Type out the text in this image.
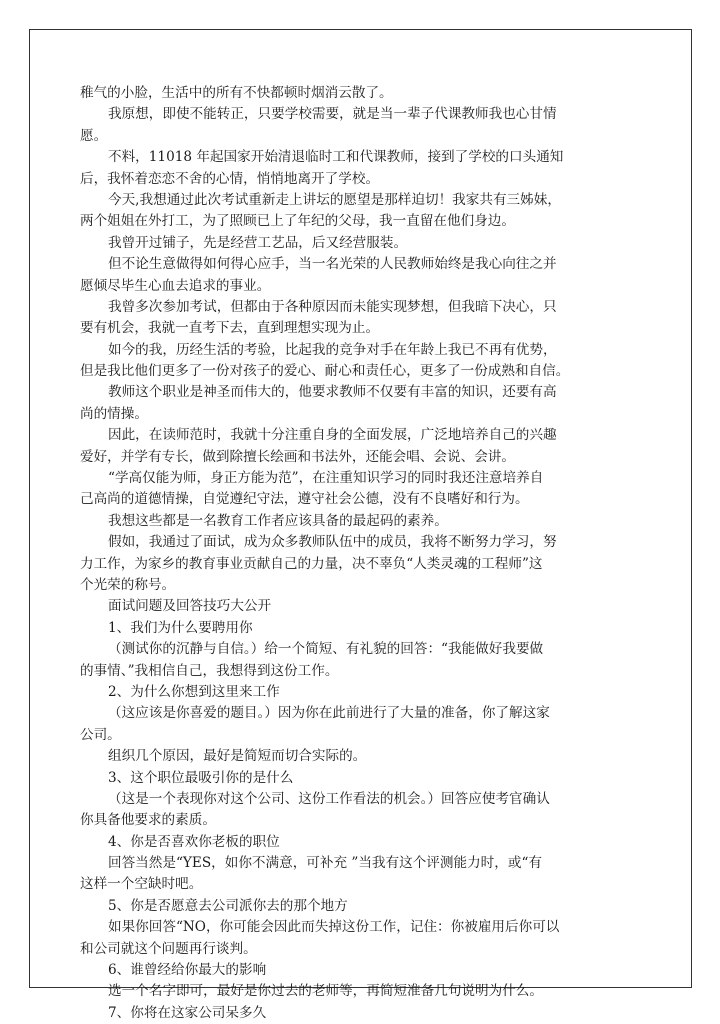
稚气的小脸，生活中的所有不快都顿时烟消云散了。
我原想，即使不能转正，只要学校需要，就是当一辈子代课教师我也心甘情
愿。
不料，11018 年起国家开始清退临时工和代课教师，接到了学校的口头通知
后，我怀着恋恋不舍的心情，悄悄地离开了学校。
今天,我想通过此次考试重新走上讲坛的愿望是那样迫切！我家共有三姊妹，
两个姐姐在外打工，为了照顾已上了年纪的父母，我一直留在他们身边。
我曾开过铺子，先是经营工艺品，后又经营服装。
但不论生意做得如何得心应手，当一名光荣的人民教师始终是我心向往之并
愿倾尽毕生心血去追求的事业。
我曾多次参加考试，但都由于各种原因而未能实现梦想，但我暗下决心，只
要有机会，我就一直考下去，直到理想实现为止。
如今的我，历经生活的考验，比起我的竞争对手在年龄上我已不再有优势，
但是我比他们更多了一份对孩子的爱心、耐心和责任心，更多了一份成熟和自信。
教师这个职业是神圣而伟大的，他要求教师不仅要有丰富的知识，还要有高
尚的情操。
因此，在读师范时，我就十分注重自身的全面发展，广泛地培养自己的兴趣
爱好，并学有专长，做到除擅长绘画和书法外，还能会唱、会说、会讲。
“学高仅能为师，身正方能为范”，在注重知识学习的同时我还注意培养自
己高尚的道德情操，自觉遵纪守法，遵守社会公德，没有不良嗜好和行为。
我想这些都是一名教育工作者应该具备的最起码的素养。
假如，我通过了面试，成为众多教师队伍中的成员，我将不断努力学习，努
力工作，为家乡的教育事业贡献自己的力量，决不辜负“人类灵魂的工程师”这
个光荣的称号。
面试问题及回答技巧大公开
1、我们为什么要聘用你
（测试你的沉静与自信。）给一个简短、有礼貌的回答：“我能做好我要做
的事情、”我相信自己，我想得到这份工作。
2、为什么你想到这里来工作
（这应该是你喜爱的题目。）因为你在此前进行了大量的准备，你了解这家
公司。
组织几个原因，最好是简短而切合实际的。
3、这个职位最吸引你的是什么
（这是一个表现你对这个公司、这份工作看法的机会。）回答应使考官确认
你具备他要求的素质。
4、你是否喜欢你老板的职位
回答当然是“YES，如你不满意，可补充 ”当我有这个评测能力时，或“有
这样一个空缺时吧。
5、你是否愿意去公司派你去的那个地方
如果你回答“NO，你可能会因此而失掉这份工作，记住：你被雇用后你可以
和公司就这个问题再行谈判。
6、谁曾经给你最大的影响
选一个名字即可，最好是你过去的老师等，再简短准备几句说明为什么。
7、你将在这家公司呆多久
